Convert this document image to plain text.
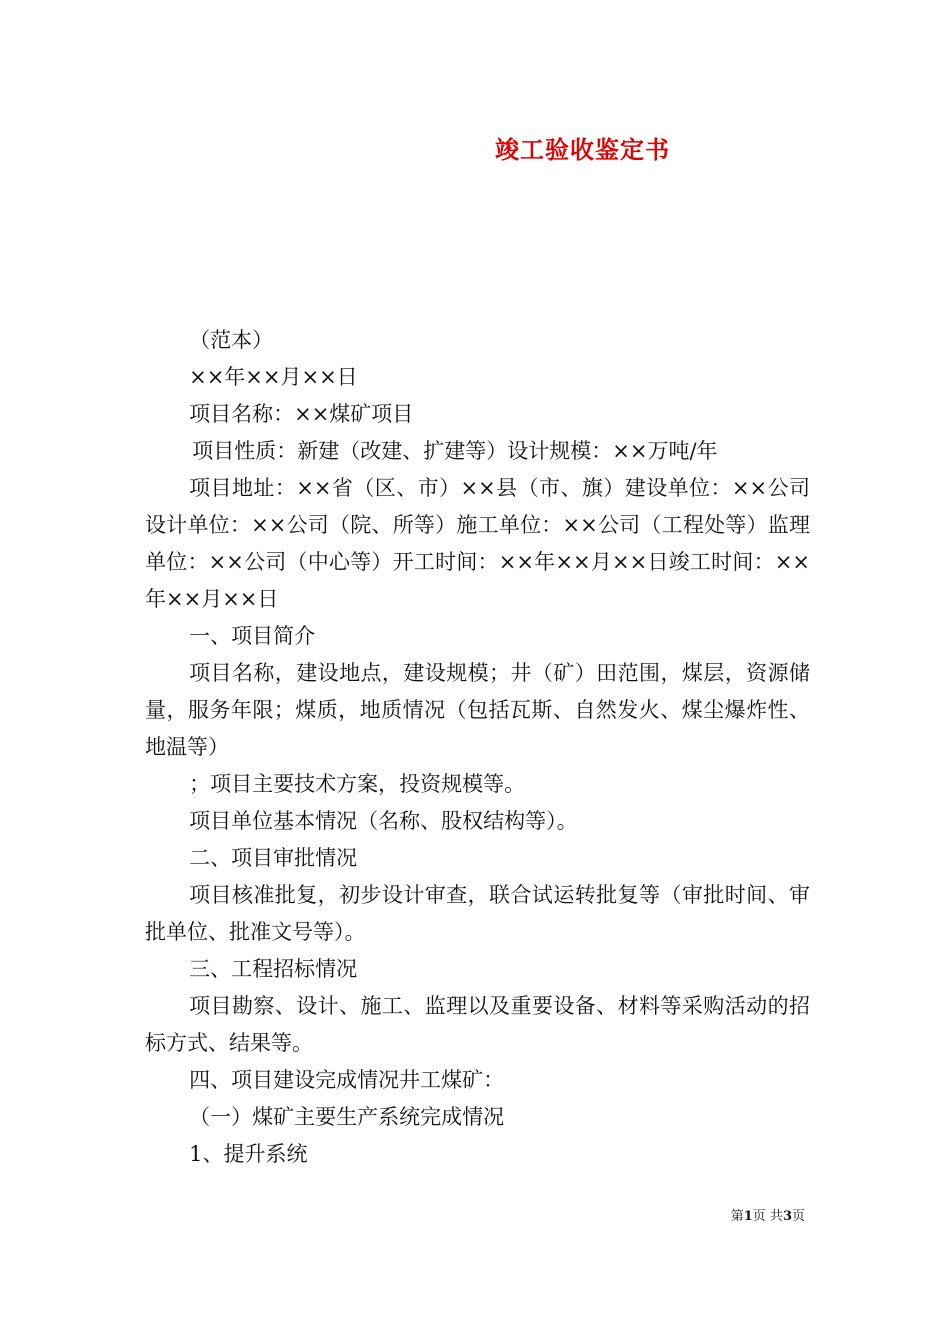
竣工验收鉴定书

（范本）

××年××月××日

项目名称：××煤矿项目

项目性质：新建（改建、扩建等）设计规模：××万吨/年

项目地址：××省（区、市）××县（市、旗）建设单位：××公司设计单位：××公司（院、所等）施工单位：××公司（工程处等）监理单位：××公司（中心等）开工时间：××年××月××日竣工时间：××年××月××日

一、项目简介

项目名称，建设地点，建设规模；井（矿）田范围，煤层，资源储量，服务年限；煤质，地质情况（包括瓦斯、自然发火、煤尘爆炸性、地温等）

；项目主要技术方案，投资规模等。

项目单位基本情况（名称、股权结构等）。

二、项目审批情况

项目核准批复，初步设计审查，联合试运转批复等（审批时间、审批单位、批准文号等）。

三、工程招标情况

项目勘察、设计、施工、监理以及重要设备、材料等采购活动的招标方式、结果等。

四、项目建设完成情况井工煤矿：

（一）煤矿主要生产系统完成情况

1、提升系统

第1页 共3页
